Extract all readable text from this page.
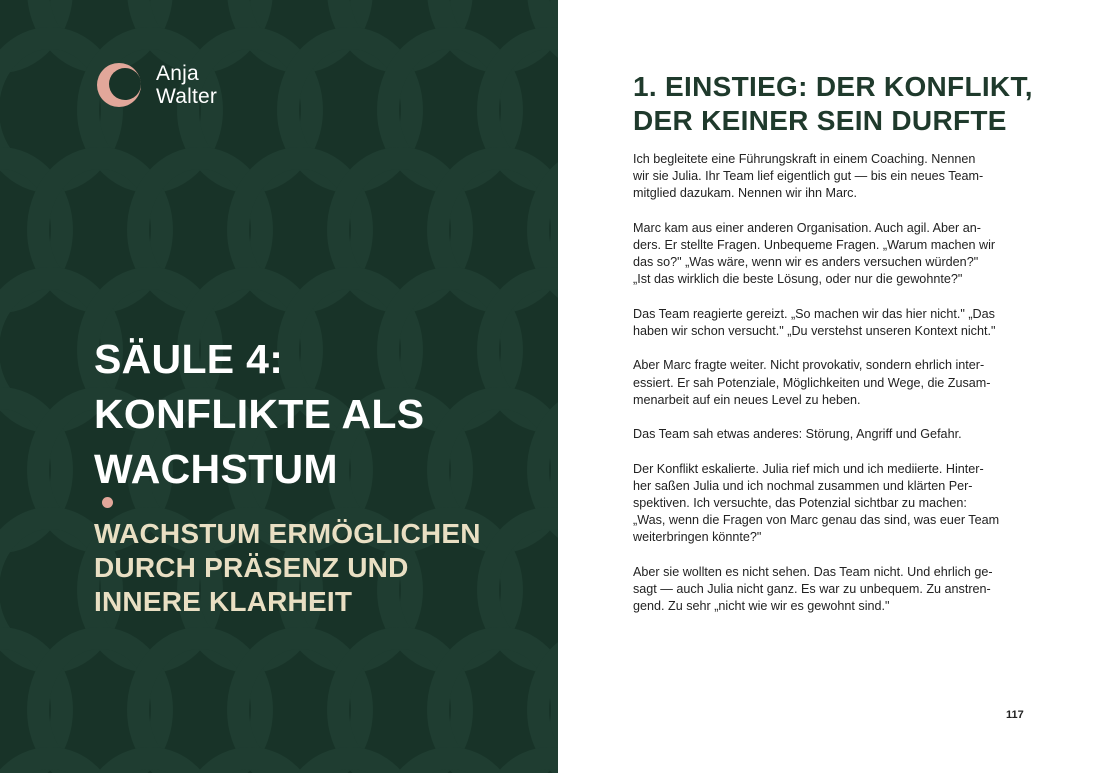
Anja
Walter
SÄULE 4:
KONFLIKTE ALS
WACHSTUM
WACHSTUM ERMÖGLICHEN
DURCH PRÄSENZ UND
INNERE KLARHEIT
1. EINSTIEG: DER KONFLIKT,
DER KEINER SEIN DURFTE
Ich begleitete eine Führungskraft in einem Coaching. Nennen
wir sie Julia. Ihr Team lief eigentlich gut — bis ein neues Team-
mitglied dazukam. Nennen wir ihn Marc.
Marc kam aus einer anderen Organisation. Auch agil. Aber an-
ders. Er stellte Fragen. Unbequeme Fragen. „Warum machen wir
das so?" „Was wäre, wenn wir es anders versuchen würden?"
„Ist das wirklich die beste Lösung, oder nur die gewohnte?"
Das Team reagierte gereizt. „So machen wir das hier nicht." „Das
haben wir schon versucht." „Du verstehst unseren Kontext nicht."
Aber Marc fragte weiter. Nicht provokativ, sondern ehrlich inter-
essiert. Er sah Potenziale, Möglichkeiten und Wege, die Zusam-
menarbeit auf ein neues Level zu heben.
Das Team sah etwas anderes: Störung, Angriff und Gefahr.
Der Konflikt eskalierte. Julia rief mich und ich mediierte. Hinter-
her saßen Julia und ich nochmal zusammen und klärten Per-
spektiven. Ich versuchte, das Potenzial sichtbar zu machen:
„Was, wenn die Fragen von Marc genau das sind, was euer Team
weiterbringen könnte?"
Aber sie wollten es nicht sehen. Das Team nicht. Und ehrlich ge-
sagt — auch Julia nicht ganz. Es war zu unbequem. Zu anstren-
gend. Zu sehr „nicht wie wir es gewohnt sind."
117
